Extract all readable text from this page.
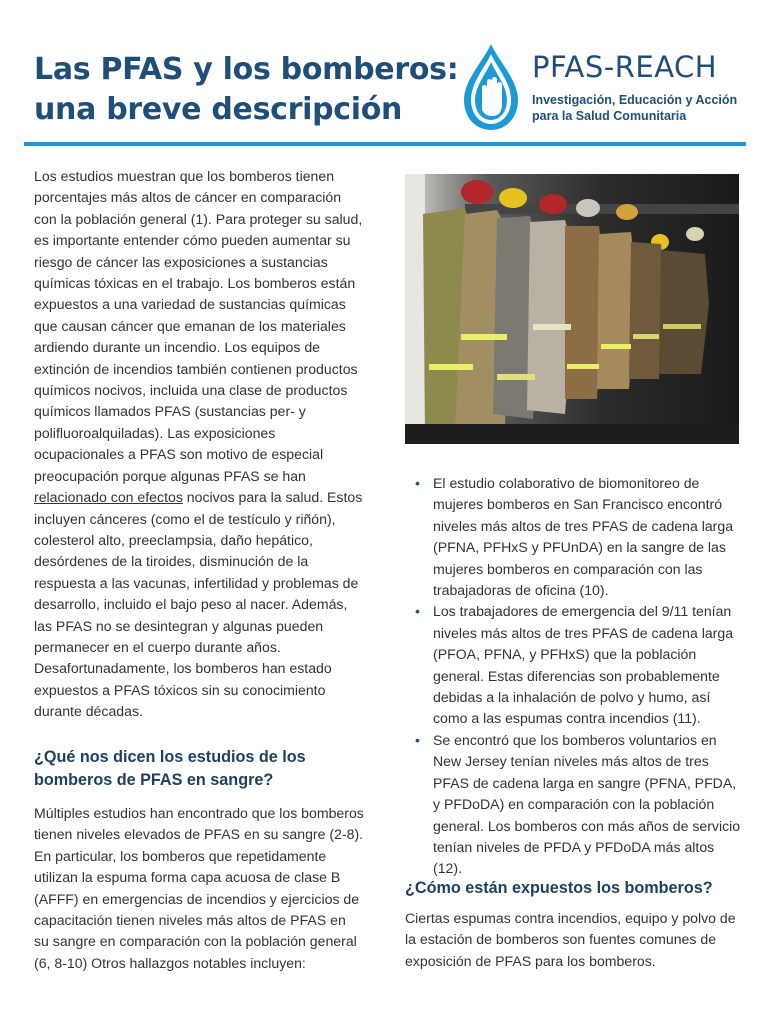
Las PFAS y los bomberos:
una breve descripción
PFAS-REACH
Investigación, Educación y Acción
para la Salud Comunitaria

Los estudios muestran que los bomberos tienen porcentajes más altos de cáncer en comparación con la población general (1). Para proteger su salud, es importante entender cómo pueden aumentar su riesgo de cáncer las exposiciones a sustancias químicas tóxicas en el trabajo. Los bomberos están expuestos a una variedad de sustancias químicas que causan cáncer que emanan de los materiales ardiendo durante un incendio. Los equipos de extinción de incendios también contienen productos químicos nocivos, incluida una clase de productos químicos llamados PFAS (sustancias per- y polifluoroalquiladas). Las exposiciones ocupacionales a PFAS son motivo de especial preocupación porque algunas PFAS se han relacionado con efectos nocivos para la salud. Estos incluyen cánceres (como el de testículo y riñón), colesterol alto, preeclampsia, daño hepático, desórdenes de la tiroides, disminución de la respuesta a las vacunas, infertilidad y problemas de desarrollo, incluido el bajo peso al nacer. Además, las PFAS no se desintegran y algunas pueden permanecer en el cuerpo durante años. Desafortunadamente, los bomberos han estado expuestos a PFAS tóxicos sin su conocimiento durante décadas.

¿Qué nos dicen los estudios de los bomberos de PFAS en sangre?
Múltiples estudios han encontrado que los bomberos tienen niveles elevados de PFAS en su sangre (2-8). En particular, los bomberos que repetidamente utilizan la espuma forma capa acuosa de clase B (AFFF) en emergencias de incendios y ejercicios de capacitación tienen niveles más altos de PFAS en su sangre en comparación con la población general (6, 8-10) Otros hallazgos notables incluyen:
• El estudio colaborativo de biomonitoreo de mujeres bomberos en San Francisco encontró niveles más altos de tres PFAS de cadena larga (PFNA, PFHxS y PFUnDA) en la sangre de las mujeres bomberos en comparación con las trabajadoras de oficina (10).
• Los trabajadores de emergencia del 9/11 tenían niveles más altos de tres PFAS de cadena larga (PFOA, PFNA, y PFHxS) que la población general. Estas diferencias son probablemente debidas a la inhalación de polvo y humo, así como a las espumas contra incendios (11).
• Se encontró que los bomberos voluntarios en New Jersey tenían niveles más altos de tres PFAS de cadena larga en sangre (PFNA, PFDA, y PFDoDA) en comparación con la población general. Los bomberos con más años de servicio tenían niveles de PFDA y PFDoDA más altos (12).
¿Cómo están expuestos los bomberos?
Ciertas espumas contra incendios, equipo y polvo de la estación de bomberos son fuentes comunes de exposición de PFAS para los bomberos.
